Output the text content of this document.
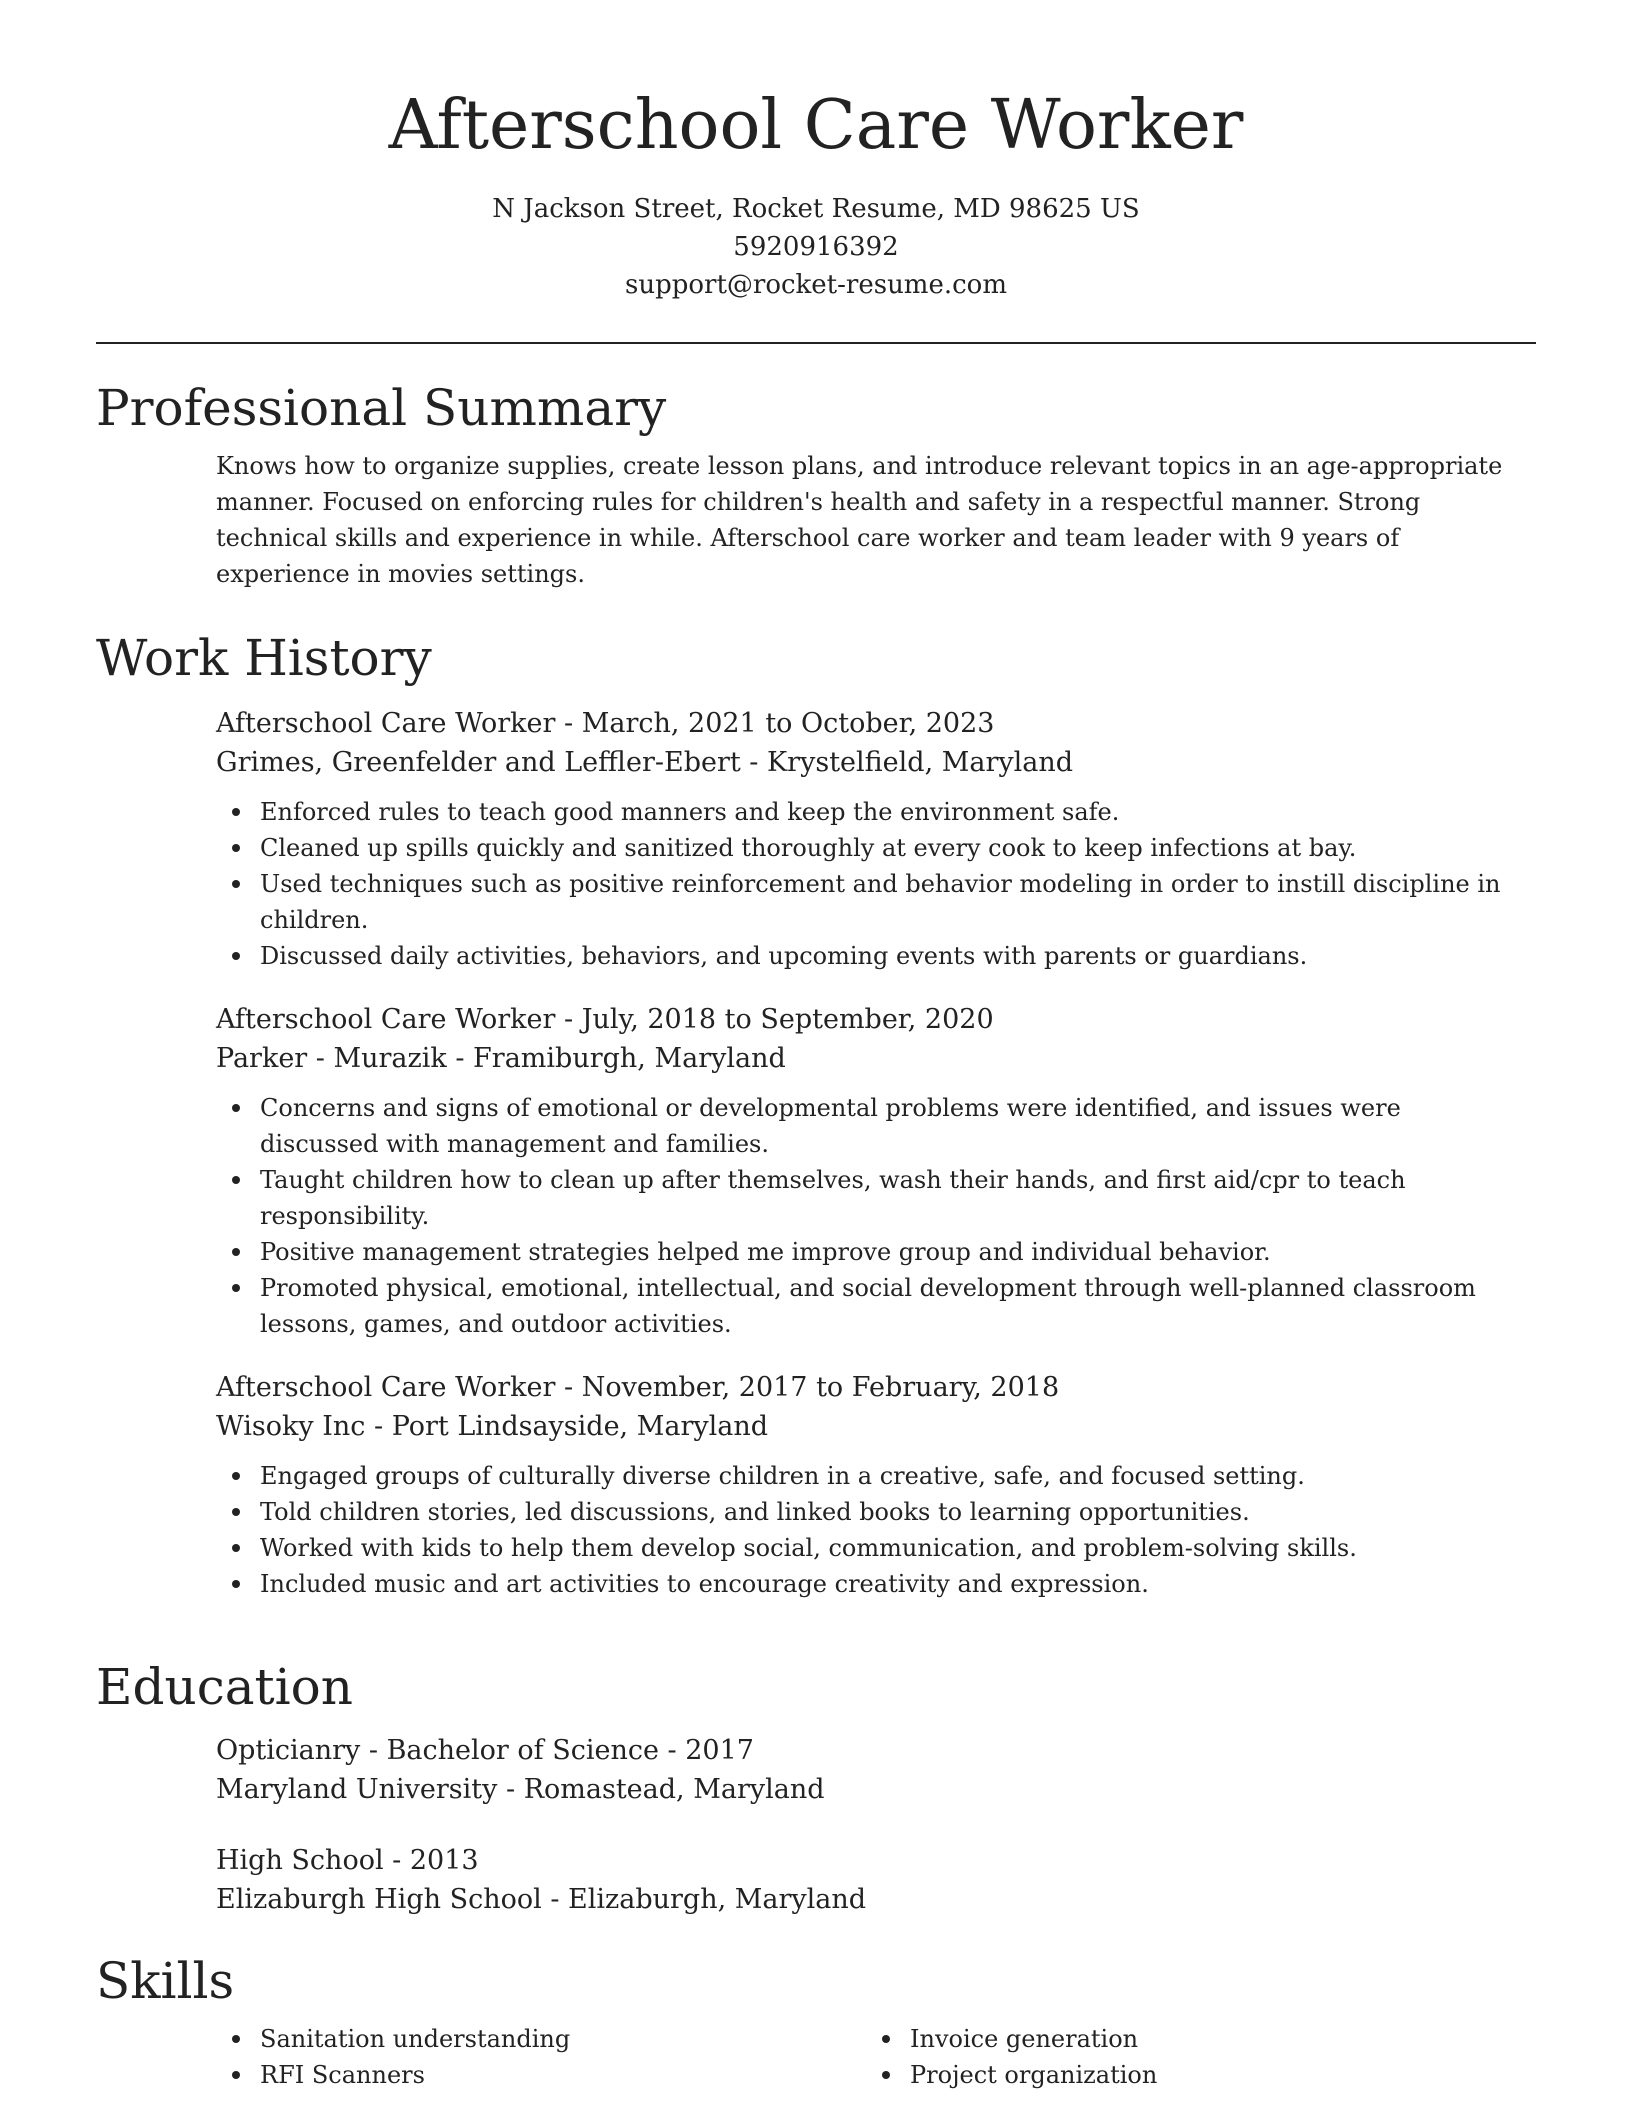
Afterschool Care Worker

N Jackson Street, Rocket Resume, MD 98625 US

5920916392

support@rocket-resume.com

Professional Summary

Knows how to organize supplies, create lesson plans, and introduce relevant topics in an age-appropriate manner. Focused on enforcing rules for children's health and safety in a respectful manner. Strong technical skills and experience in while. Afterschool care worker and team leader with 9 years of experience in movies settings.

Work History

Afterschool Care Worker - March, 2021 to October, 2023

Grimes, Greenfelder and Leffler-Ebert - Krystelfield, Maryland

Enforced rules to teach good manners and keep the environment safe.
Cleaned up spills quickly and sanitized thoroughly at every cook to keep infections at bay.
Used techniques such as positive reinforcement and behavior modeling in order to instill discipline in children.
Discussed daily activities, behaviors, and upcoming events with parents or guardians.

Afterschool Care Worker - July, 2018 to September, 2020

Parker - Murazik - Framiburgh, Maryland

Concerns and signs of emotional or developmental problems were identified, and issues were discussed with management and families.
Taught children how to clean up after themselves, wash their hands, and first aid/cpr to teach responsibility.
Positive management strategies helped me improve group and individual behavior.
Promoted physical, emotional, intellectual, and social development through well-planned classroom lessons, games, and outdoor activities.

Afterschool Care Worker - November, 2017 to February, 2018

Wisoky Inc - Port Lindsayside, Maryland

Engaged groups of culturally diverse children in a creative, safe, and focused setting.
Told children stories, led discussions, and linked books to learning opportunities.
Worked with kids to help them develop social, communication, and problem-solving skills.
Included music and art activities to encourage creativity and expression.
Education

Opticianry - Bachelor of Science - 2017

Maryland University - Romastead, Maryland

High School - 2013

Elizaburgh High School - Elizaburgh, Maryland

Skills
Sanitation understanding
RFI Scanners
Invoice generation
Project organization
